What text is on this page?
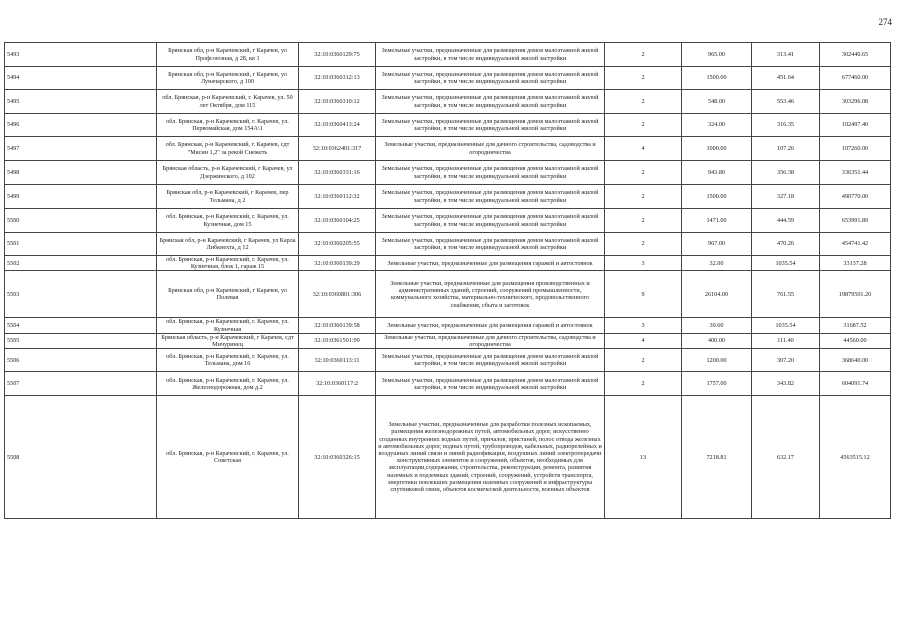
274
5493	Брянская обл, р-н Карачевский, г Карачев, ул Профсоюзная, д 28, кв 1	32:10:0360129:75	Земельные участки, предназначенные для размещения домов малоэтажной жилой застройки, в том числе индивидуальной жилой застройки	2	965.00	313.41	302440.65
5494	Брянская обл, р-н Карачевский, г Карачев, ул Луначарского, д 100	32:10:0360312:13	Земельные участки, предназначенные для размещения домов малоэтажной жилой застройки, в том числе индивидуальной жилой застройки	2	1500.00	451.64	677460.00
5495	обл. Брянская, р-н Карачевский, г. Карачев, ул. 50 лет Октября, дом 115	32:10:0360310:12	Земельные участки, предназначенные для размещения домов малоэтажной жилой застройки, в том числе индивидуальной жилой застройки	2	548.00	553.46	303296.08
5496	обл. Брянская, р-н Карачевский, г. Карачев, ул. Первомайская, дом 154А\1	32:10:0360413:24	Земельные участки, предназначенные для размещения домов малоэтажной жилой застройки, в том числе индивидуальной жилой застройки	2	324.00	316.35	102497.40
5497	обл. Брянская, р-н Карачевский, г. Карачев, сдт "Мясин 1,2" за рекой Снежеть	32:10:0362401:317	Земельные участки, предназначенные для дачного строительства, садоводства и огородничества	4	1000.00	107.26	107260.00
5498	Брянская область, р-н Карачевский, г Карачев, ул Дзержинского, д 102	32:10:0360331:16	Земельные участки, предназначенные для размещения домов малоэтажной жилой застройки, в том числе индивидуальной жилой застройки	2	943.80	356.38	336351.44
5499	Брянская обл, р-н Карачевский, г Карачев, пер Тельмана, д 2	32:10:0360112:32	Земельные участки, предназначенные для размещения домов малоэтажной жилой застройки, в том числе индивидуальной жилой застройки	2	1500.00	327.18	490770.00
5500	обл. Брянская, р-н Карачевский, г. Карачев, ул. Кузнечная, дом 15	32:10:0360104:25	Земельные участки, предназначенные для размещения домов малоэтажной жилой застройки, в том числе индивидуальной жилой застройки	2	1471.00	444.59	653991.89
5501	Брянская обл, р-н Карачевский, г Карачев, ул Карла Либкнехта, д 12	32:10:0360205:55	Земельные участки, предназначенные для размещения домов малоэтажной жилой застройки, в том числе индивидуальной жилой застройки	2	967.00	470.26	454741.42
5502	обл. Брянская, р-н Карачевский, г. Карачев, ул. Кузнечная, блок 1, гараж 15	32:10:0360139:29	Земельные участки, предназначенные для размещения гаражей и автостоянок	3	32.00	1035.54	33137.28
5503	Брянская обл, р-н Карачевский, г Карачев, ул Полевая	32:10:0360801:306	Земельные участки, предназначенные для размещения производственных и административных зданий, строений, сооружений промышленности, коммунального хозяйства, материально-технического, продовольственного снабжения, сбыта и заготовок	9	26104.00	761.55	19879501.20
5504	обл. Брянская, р-н Карачевский, г. Карачев, ул. Кузнечная	32:10:0360139:58	Земельные участки, предназначенные для размещения гаражей и автостоянок	3	30.60	1035.54	31687.52
5505	Брянская область, р-н Карачевский, г Карачев, сдт Мичуринец	32:10:0361501:99	Земельные участки, предназначенные для дачного строительства, садоводства и огородничества	4	400.00	111.40	44560.00
5506	обл. Брянская, р-н Карачевский, г. Карачев, ул. Тельмана, дом 16	32:10:0360113:11	Земельные участки, предназначенные для размещения домов малоэтажной жилой застройки, в том числе индивидуальной жилой застройки	2	1200.00	307.20	368640.00
5507	обл. Брянская, р-н Карачевский, г. Карачев, ул. Железнодорожная, дом д.2	32:10:0360117:2	Земельные участки, предназначенные для размещения домов малоэтажной жилой застройки, в том числе индивидуальной жилой застройки	2	1757.00	343.82	604091.74
5508	обл. Брянская, р-н Карачевский, г. Карачев, ул. Советская	32:10:0360326:15	Земельные участки, предназначенные для разработки полезных ископаемых, размещения железнодорожных путей, автомобильных дорог, искусственно созданных внутренних водных путей, причалов, пристаней, полос отвода железных и автомобильных дорог, водных путей, трубопроводов, кабельных, радиорелейных и воздушных линий связи и линий радиофикации, воздушных линий электропередачи конструктивных элементов и сооружений, объектов, необходимых для эксплуатации,содержания, строительства, реконструкции, ремонта, развития наземных и подземных зданий, строений, сооружений, устройств транспорта, энергетики повлекших размещения наземных сооружений и инфраструктуры спутниковой связи, объектов космической деятельности, военных объектов	13	7218.81	632.17	4563515.12
